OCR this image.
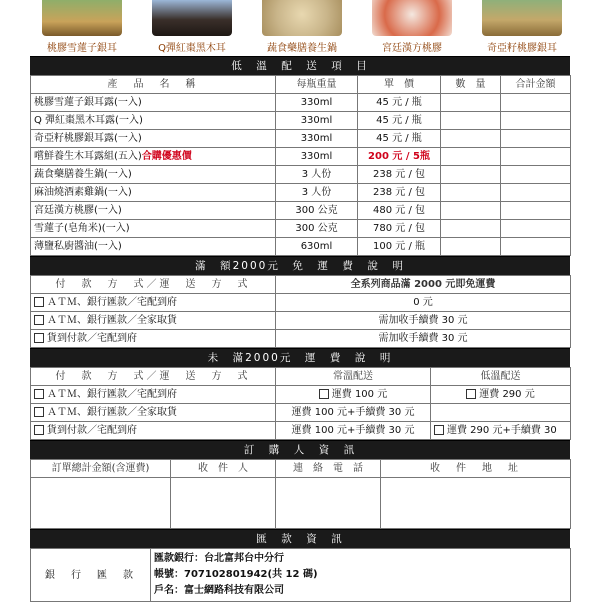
桃膠雪蓮子銀耳	Q彈紅棗黑木耳	蔬食藥膳養生鍋	宮廷漢方桃膠	奇亞籽桃膠銀耳
低　溫　配　送　項　目
產　品　名　稱	每瓶重量	單　價	數　量	合計金額
桃膠雪蓮子銀耳露(一入)	330ml	45 元 / 瓶		
Q 彈紅棗黑木耳露(一入)	330ml	45 元 / 瓶		
奇亞籽桃膠銀耳露(一入)	330ml	45 元 / 瓶		
嚐鮮養生木耳露組(五入)合購優惠價	330ml	200 元 / 5瓶		
蔬食藥膳養生鍋(一入)	3 人份	238 元 / 包		
麻油燒酒素雞鍋(一入)	3 人份	238 元 / 包		
宮廷漢方桃膠(一入)	300 公克	480 元 / 包		
雪蓮子(皂角米)(一入)	300 公克	780 元 / 包		
薄鹽私廚醬油(一入)	630ml	100 元 / 瓶		
滿　額2000元　免　運　費　說　明
付　款　方　式／運　送　方　式	全系列商品滿 2000 元即免運費
ＡＴＭ、銀行匯款／宅配到府	0 元
ＡＴＭ、銀行匯款／全家取貨	需加收手續費 30 元
貨到付款／宅配到府	需加收手續費 30 元
未　滿2000元　運　費　說　明
付　款　方　式／運　送　方　式	常溫配送	低溫配送
ＡＴＭ、銀行匯款／宅配到府	運費 100 元	運費 290 元
ＡＴＭ、銀行匯款／全家取貨	運費 100 元+手續費 30 元	
貨到付款／宅配到府	運費 100 元+手續費 30 元	運費 290 元+手續費 30
訂　購　人　資　訊
訂單總計金額(含運費)	收　件　人	連　絡　電　話	收　件　地　址

匯　款　資　訊
銀　行　匯　款	
匯款銀行：台北富邦台中分行
帳號：707102801942(共 12 碼)
戶名：富士網路科技有限公司
